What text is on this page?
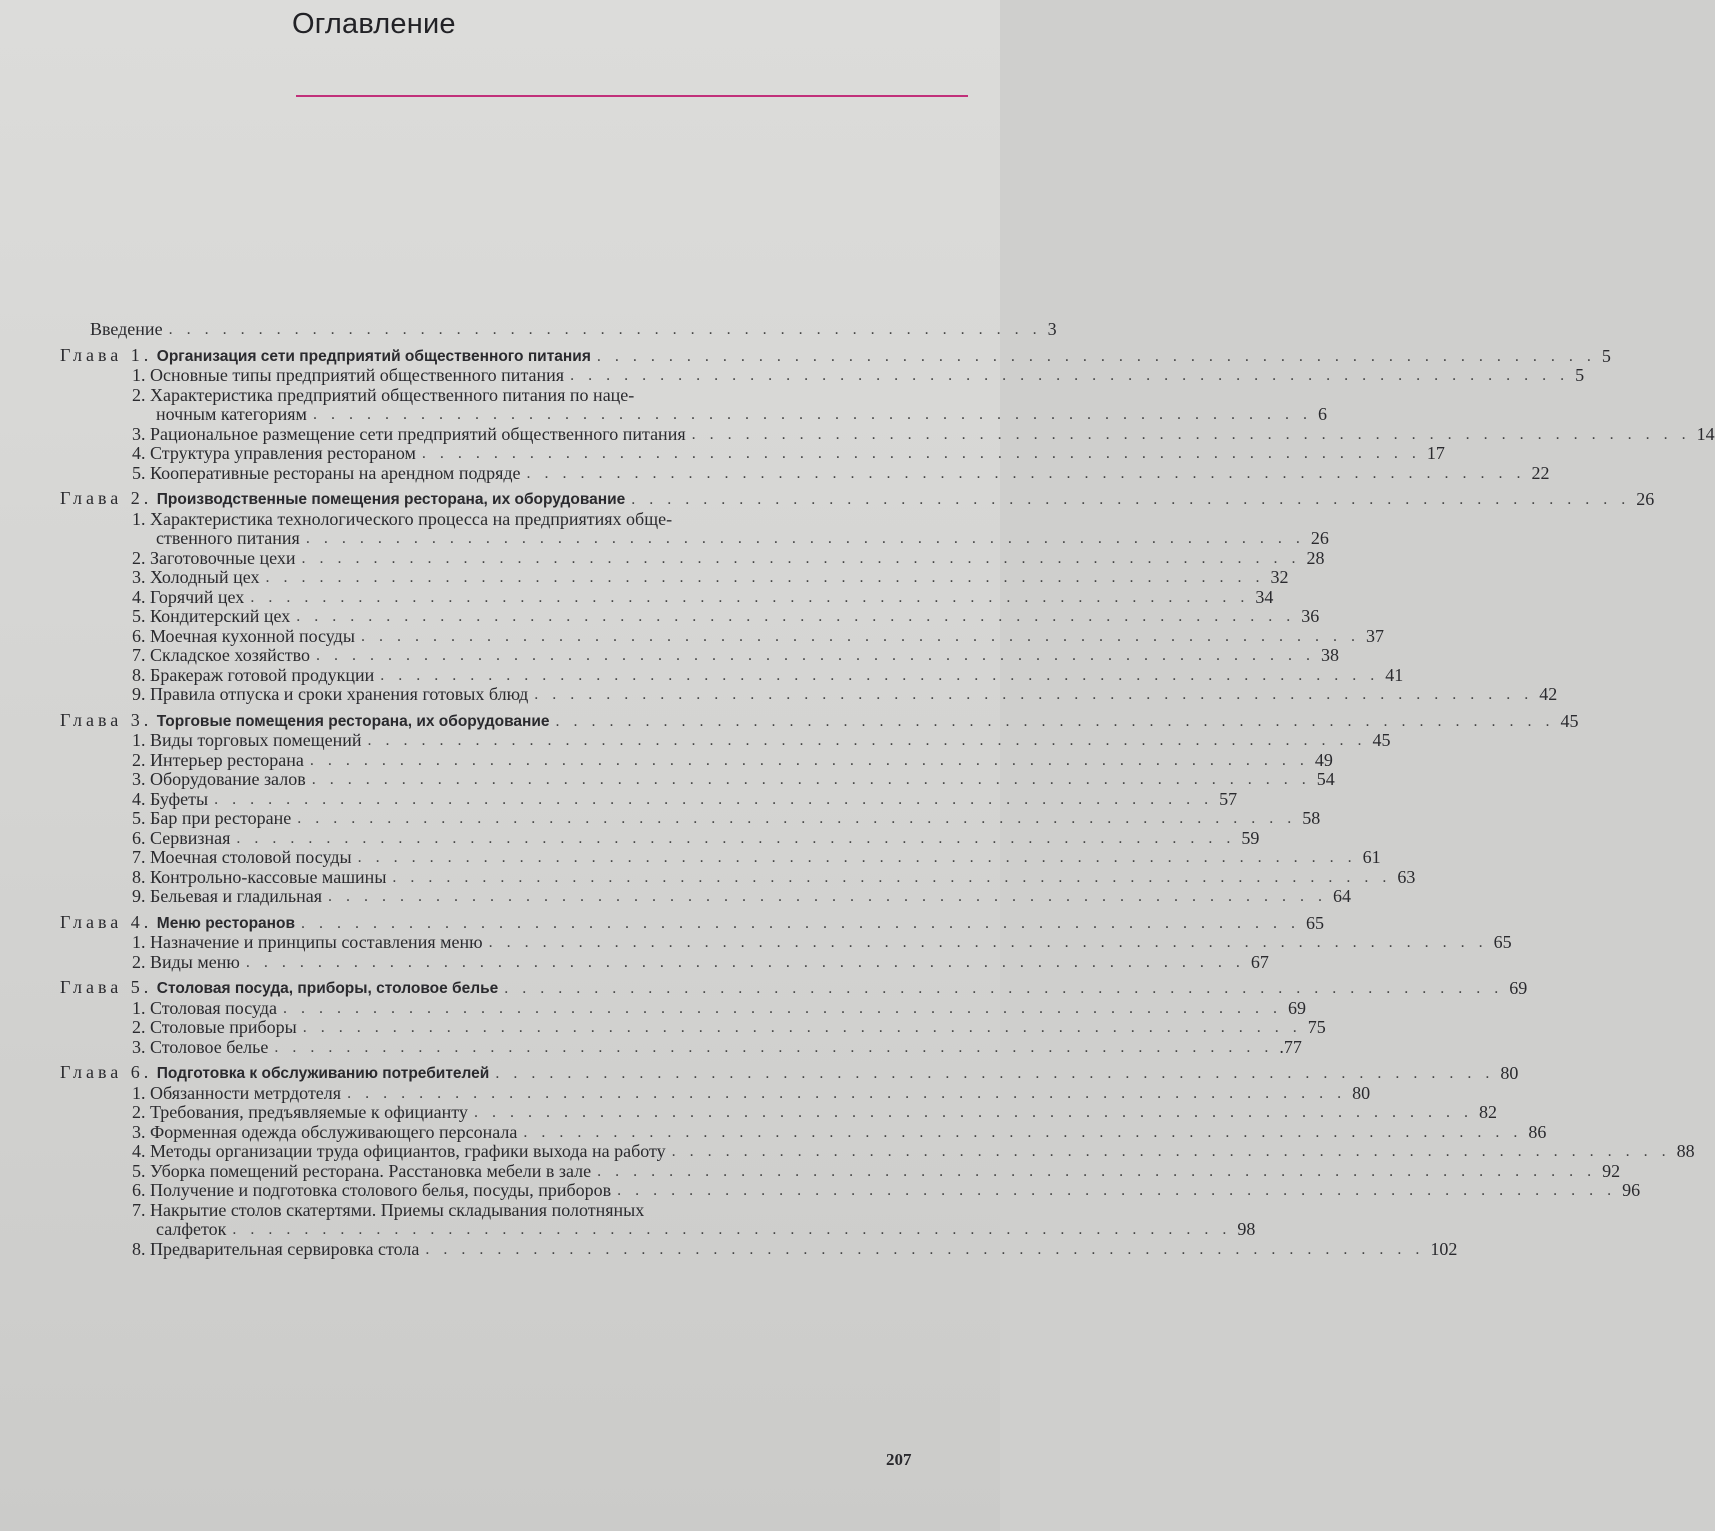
Оглавление
Введение . . . . . . . . . . . . . . . . . . . . . . . . . . . . . . . . . . . . . . . . . . . . . . . . . 3
Глава 1. Организация сети предприятий общественного питания . . . . . . . . . . . . . . . . . . . . . . . . . . . . . . . . . . . . . . . . . . . . . . . . . . . . . . . . 5
1. Основные типы предприятий общественного питания . . . . . . . . . . . . . . . . . . . . . . . . . . . . . . . . . . . . . . . . . . . . . . . . . . . . . . . . 5
2. Характеристика предприятий общественного питания по наце-
ночным категориям . . . . . . . . . . . . . . . . . . . . . . . . . . . . . . . . . . . . . . . . . . . . . . . . . . . . . . . . 6
3. Рациональное размещение сети предприятий общественного питания . . . . . . . . . . . . . . . . . . . . . . . . . . . . . . . . . . . . . . . . . . . . . . . . . . . . . . . . 14
4. Структура управления рестораном . . . . . . . . . . . . . . . . . . . . . . . . . . . . . . . . . . . . . . . . . . . . . . . . . . . . . . . . 17
5. Кооперативные рестораны на арендном подряде . . . . . . . . . . . . . . . . . . . . . . . . . . . . . . . . . . . . . . . . . . . . . . . . . . . . . . . . 22
Глава 2. Производственные помещения ресторана, их оборудование . . . . . . . . . . . . . . . . . . . . . . . . . . . . . . . . . . . . . . . . . . . . . . . . . . . . . . . . 26
1. Характеристика технологического процесса на предприятиях обще-
ственного питания . . . . . . . . . . . . . . . . . . . . . . . . . . . . . . . . . . . . . . . . . . . . . . . . . . . . . . . . 26
2. Заготовочные цехи . . . . . . . . . . . . . . . . . . . . . . . . . . . . . . . . . . . . . . . . . . . . . . . . . . . . . . . . 28
3. Холодный цех . . . . . . . . . . . . . . . . . . . . . . . . . . . . . . . . . . . . . . . . . . . . . . . . . . . . . . . . 32
4. Горячий цех . . . . . . . . . . . . . . . . . . . . . . . . . . . . . . . . . . . . . . . . . . . . . . . . . . . . . . . . 34
5. Кондитерский цех . . . . . . . . . . . . . . . . . . . . . . . . . . . . . . . . . . . . . . . . . . . . . . . . . . . . . . . . 36
6. Моечная кухонной посуды . . . . . . . . . . . . . . . . . . . . . . . . . . . . . . . . . . . . . . . . . . . . . . . . . . . . . . . . 37
7. Складское хозяйство . . . . . . . . . . . . . . . . . . . . . . . . . . . . . . . . . . . . . . . . . . . . . . . . . . . . . . . . 38
8. Бракераж готовой продукции . . . . . . . . . . . . . . . . . . . . . . . . . . . . . . . . . . . . . . . . . . . . . . . . . . . . . . . . 41
9. Правила отпуска и сроки хранения готовых блюд . . . . . . . . . . . . . . . . . . . . . . . . . . . . . . . . . . . . . . . . . . . . . . . . . . . . . . . . 42
Глава 3. Торговые помещения ресторана, их оборудование . . . . . . . . . . . . . . . . . . . . . . . . . . . . . . . . . . . . . . . . . . . . . . . . . . . . . . . . 45
1. Виды торговых помещений . . . . . . . . . . . . . . . . . . . . . . . . . . . . . . . . . . . . . . . . . . . . . . . . . . . . . . . . 45
2. Интерьер ресторана . . . . . . . . . . . . . . . . . . . . . . . . . . . . . . . . . . . . . . . . . . . . . . . . . . . . . . . . 49
3. Оборудование залов . . . . . . . . . . . . . . . . . . . . . . . . . . . . . . . . . . . . . . . . . . . . . . . . . . . . . . . . 54
4. Буфеты . . . . . . . . . . . . . . . . . . . . . . . . . . . . . . . . . . . . . . . . . . . . . . . . . . . . . . . . 57
5. Бар при ресторане . . . . . . . . . . . . . . . . . . . . . . . . . . . . . . . . . . . . . . . . . . . . . . . . . . . . . . . . 58
6. Сервизная . . . . . . . . . . . . . . . . . . . . . . . . . . . . . . . . . . . . . . . . . . . . . . . . . . . . . . . . 59
7. Моечная столовой посуды . . . . . . . . . . . . . . . . . . . . . . . . . . . . . . . . . . . . . . . . . . . . . . . . . . . . . . . . 61
8. Контрольно-кассовые машины . . . . . . . . . . . . . . . . . . . . . . . . . . . . . . . . . . . . . . . . . . . . . . . . . . . . . . . . 63
9. Бельевая и гладильная . . . . . . . . . . . . . . . . . . . . . . . . . . . . . . . . . . . . . . . . . . . . . . . . . . . . . . . . 64
Глава 4. Меню ресторанов . . . . . . . . . . . . . . . . . . . . . . . . . . . . . . . . . . . . . . . . . . . . . . . . . . . . . . . . 65
1. Назначение и принципы составления меню . . . . . . . . . . . . . . . . . . . . . . . . . . . . . . . . . . . . . . . . . . . . . . . . . . . . . . . . 65
2. Виды меню . . . . . . . . . . . . . . . . . . . . . . . . . . . . . . . . . . . . . . . . . . . . . . . . . . . . . . . . 67
Глава 5. Столовая посуда, приборы, столовое белье . . . . . . . . . . . . . . . . . . . . . . . . . . . . . . . . . . . . . . . . . . . . . . . . . . . . . . . . 69
1. Столовая посуда . . . . . . . . . . . . . . . . . . . . . . . . . . . . . . . . . . . . . . . . . . . . . . . . . . . . . . . . 69
2. Столовые приборы . . . . . . . . . . . . . . . . . . . . . . . . . . . . . . . . . . . . . . . . . . . . . . . . . . . . . . . . 75
3. Столовое белье . . . . . . . . . . . . . . . . . . . . . . . . . . . . . . . . . . . . . . . . . . . . . . . . . . . . . . . . .77
Глава 6. Подготовка к обслуживанию потребителей . . . . . . . . . . . . . . . . . . . . . . . . . . . . . . . . . . . . . . . . . . . . . . . . . . . . . . . . 80
1. Обязанности метрдотеля . . . . . . . . . . . . . . . . . . . . . . . . . . . . . . . . . . . . . . . . . . . . . . . . . . . . . . . . 80
2. Требования, предъявляемые к официанту . . . . . . . . . . . . . . . . . . . . . . . . . . . . . . . . . . . . . . . . . . . . . . . . . . . . . . . . 82
3. Форменная одежда обслуживающего персонала . . . . . . . . . . . . . . . . . . . . . . . . . . . . . . . . . . . . . . . . . . . . . . . . . . . . . . . . 86
4. Методы организации труда официантов, графики выхода на работу . . . . . . . . . . . . . . . . . . . . . . . . . . . . . . . . . . . . . . . . . . . . . . . . . . . . . . . . 88
5. Уборка помещений ресторана. Расстановка мебели в зале . . . . . . . . . . . . . . . . . . . . . . . . . . . . . . . . . . . . . . . . . . . . . . . . . . . . . . . . 92
6. Получение и подготовка столового белья, посуды, приборов . . . . . . . . . . . . . . . . . . . . . . . . . . . . . . . . . . . . . . . . . . . . . . . . . . . . . . . . 96
7. Накрытие столов скатертями. Приемы складывания полотняных
салфеток . . . . . . . . . . . . . . . . . . . . . . . . . . . . . . . . . . . . . . . . . . . . . . . . . . . . . . . . 98
8. Предварительная сервировка стола . . . . . . . . . . . . . . . . . . . . . . . . . . . . . . . . . . . . . . . . . . . . . . . . . . . . . . . . 102
207
